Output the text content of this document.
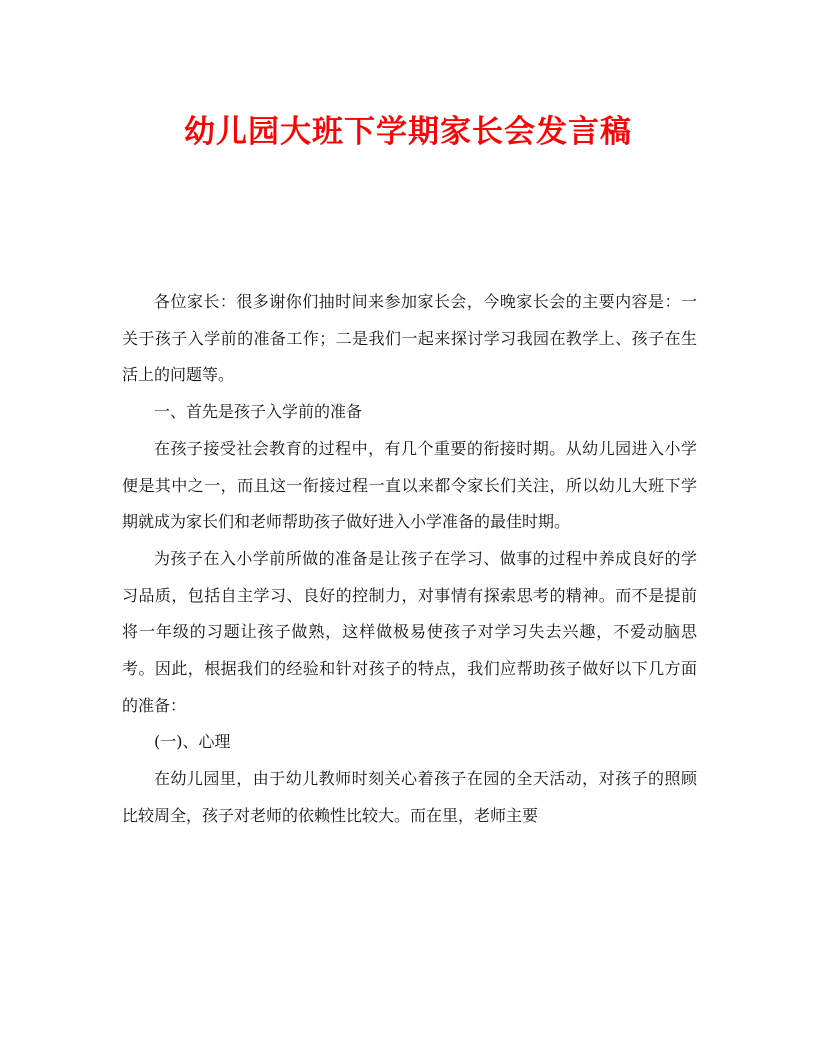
幼儿园大班下学期家长会发言稿

各位家长：很多谢你们抽时间来参加家长会，今晚家长会的主要内容是：一关于孩子入学前的准备工作；二是我们一起来探讨学习我园在教学上、孩子在生活上的问题等。

一、首先是孩子入学前的准备

在孩子接受社会教育的过程中，有几个重要的衔接时期。从幼儿园进入小学便是其中之一，而且这一衔接过程一直以来都令家长们关注，所以幼儿大班下学期就成为家长们和老师帮助孩子做好进入小学准备的最佳时期。

为孩子在入小学前所做的准备是让孩子在学习、做事的过程中养成良好的学习品质，包括自主学习、良好的控制力，对事情有探索思考的精神。而不是提前将一年级的习题让孩子做熟，这样做极易使孩子对学习失去兴趣，不爱动脑思考。因此，根据我们的经验和针对孩子的特点，我们应帮助孩子做好以下几方面的准备：

(一)、心理

在幼儿园里，由于幼儿教师时刻关心着孩子在园的全天活动，对孩子的照顾比较周全，孩子对老师的依赖性比较大。而在里，老师主要
